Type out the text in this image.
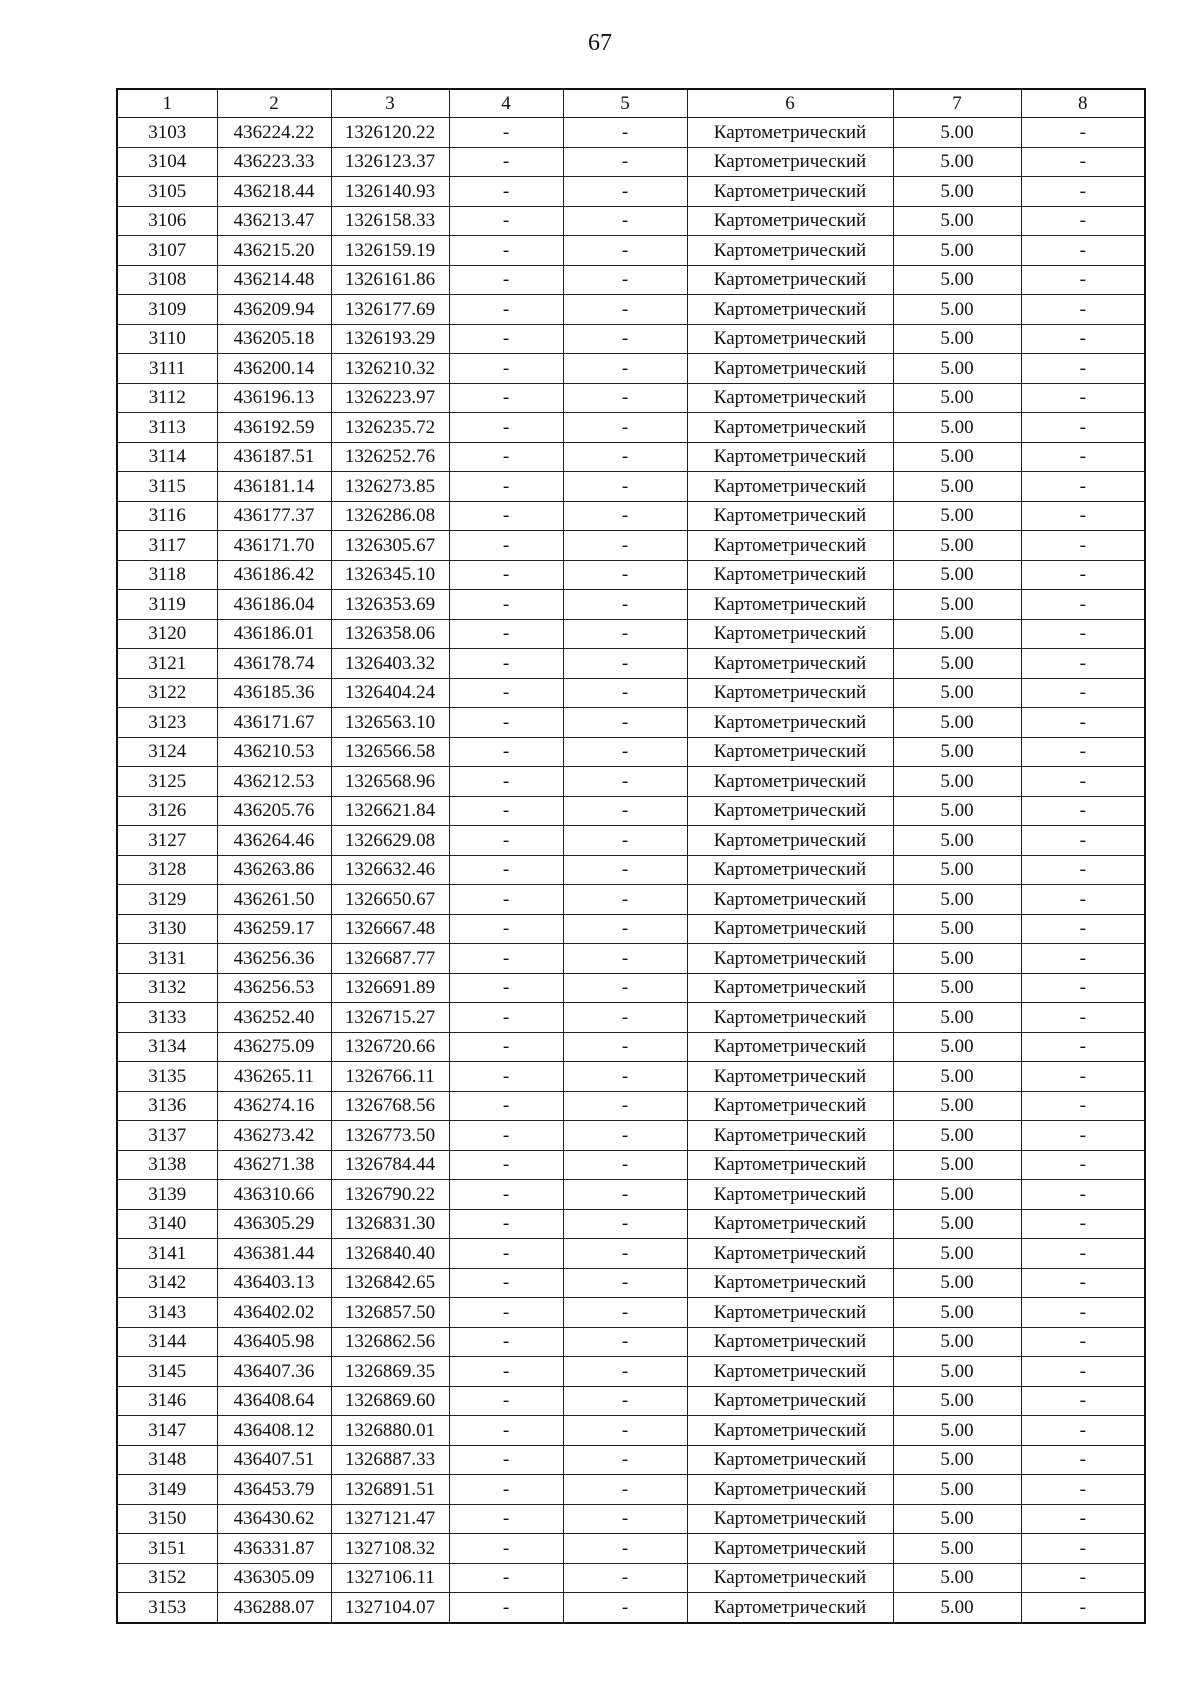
67
1	2	3	4	5	6	7	8
3103	436224.22	1326120.22	-	-	Картометрический	5.00	-
3104	436223.33	1326123.37	-	-	Картометрический	5.00	-
3105	436218.44	1326140.93	-	-	Картометрический	5.00	-
3106	436213.47	1326158.33	-	-	Картометрический	5.00	-
3107	436215.20	1326159.19	-	-	Картометрический	5.00	-
3108	436214.48	1326161.86	-	-	Картометрический	5.00	-
3109	436209.94	1326177.69	-	-	Картометрический	5.00	-
3110	436205.18	1326193.29	-	-	Картометрический	5.00	-
3111	436200.14	1326210.32	-	-	Картометрический	5.00	-
3112	436196.13	1326223.97	-	-	Картометрический	5.00	-
3113	436192.59	1326235.72	-	-	Картометрический	5.00	-
3114	436187.51	1326252.76	-	-	Картометрический	5.00	-
3115	436181.14	1326273.85	-	-	Картометрический	5.00	-
3116	436177.37	1326286.08	-	-	Картометрический	5.00	-
3117	436171.70	1326305.67	-	-	Картометрический	5.00	-
3118	436186.42	1326345.10	-	-	Картометрический	5.00	-
3119	436186.04	1326353.69	-	-	Картометрический	5.00	-
3120	436186.01	1326358.06	-	-	Картометрический	5.00	-
3121	436178.74	1326403.32	-	-	Картометрический	5.00	-
3122	436185.36	1326404.24	-	-	Картометрический	5.00	-
3123	436171.67	1326563.10	-	-	Картометрический	5.00	-
3124	436210.53	1326566.58	-	-	Картометрический	5.00	-
3125	436212.53	1326568.96	-	-	Картометрический	5.00	-
3126	436205.76	1326621.84	-	-	Картометрический	5.00	-
3127	436264.46	1326629.08	-	-	Картометрический	5.00	-
3128	436263.86	1326632.46	-	-	Картометрический	5.00	-
3129	436261.50	1326650.67	-	-	Картометрический	5.00	-
3130	436259.17	1326667.48	-	-	Картометрический	5.00	-
3131	436256.36	1326687.77	-	-	Картометрический	5.00	-
3132	436256.53	1326691.89	-	-	Картометрический	5.00	-
3133	436252.40	1326715.27	-	-	Картометрический	5.00	-
3134	436275.09	1326720.66	-	-	Картометрический	5.00	-
3135	436265.11	1326766.11	-	-	Картометрический	5.00	-
3136	436274.16	1326768.56	-	-	Картометрический	5.00	-
3137	436273.42	1326773.50	-	-	Картометрический	5.00	-
3138	436271.38	1326784.44	-	-	Картометрический	5.00	-
3139	436310.66	1326790.22	-	-	Картометрический	5.00	-
3140	436305.29	1326831.30	-	-	Картометрический	5.00	-
3141	436381.44	1326840.40	-	-	Картометрический	5.00	-
3142	436403.13	1326842.65	-	-	Картометрический	5.00	-
3143	436402.02	1326857.50	-	-	Картометрический	5.00	-
3144	436405.98	1326862.56	-	-	Картометрический	5.00	-
3145	436407.36	1326869.35	-	-	Картометрический	5.00	-
3146	436408.64	1326869.60	-	-	Картометрический	5.00	-
3147	436408.12	1326880.01	-	-	Картометрический	5.00	-
3148	436407.51	1326887.33	-	-	Картометрический	5.00	-
3149	436453.79	1326891.51	-	-	Картометрический	5.00	-
3150	436430.62	1327121.47	-	-	Картометрический	5.00	-
3151	436331.87	1327108.32	-	-	Картометрический	5.00	-
3152	436305.09	1327106.11	-	-	Картометрический	5.00	-
3153	436288.07	1327104.07	-	-	Картометрический	5.00	-
